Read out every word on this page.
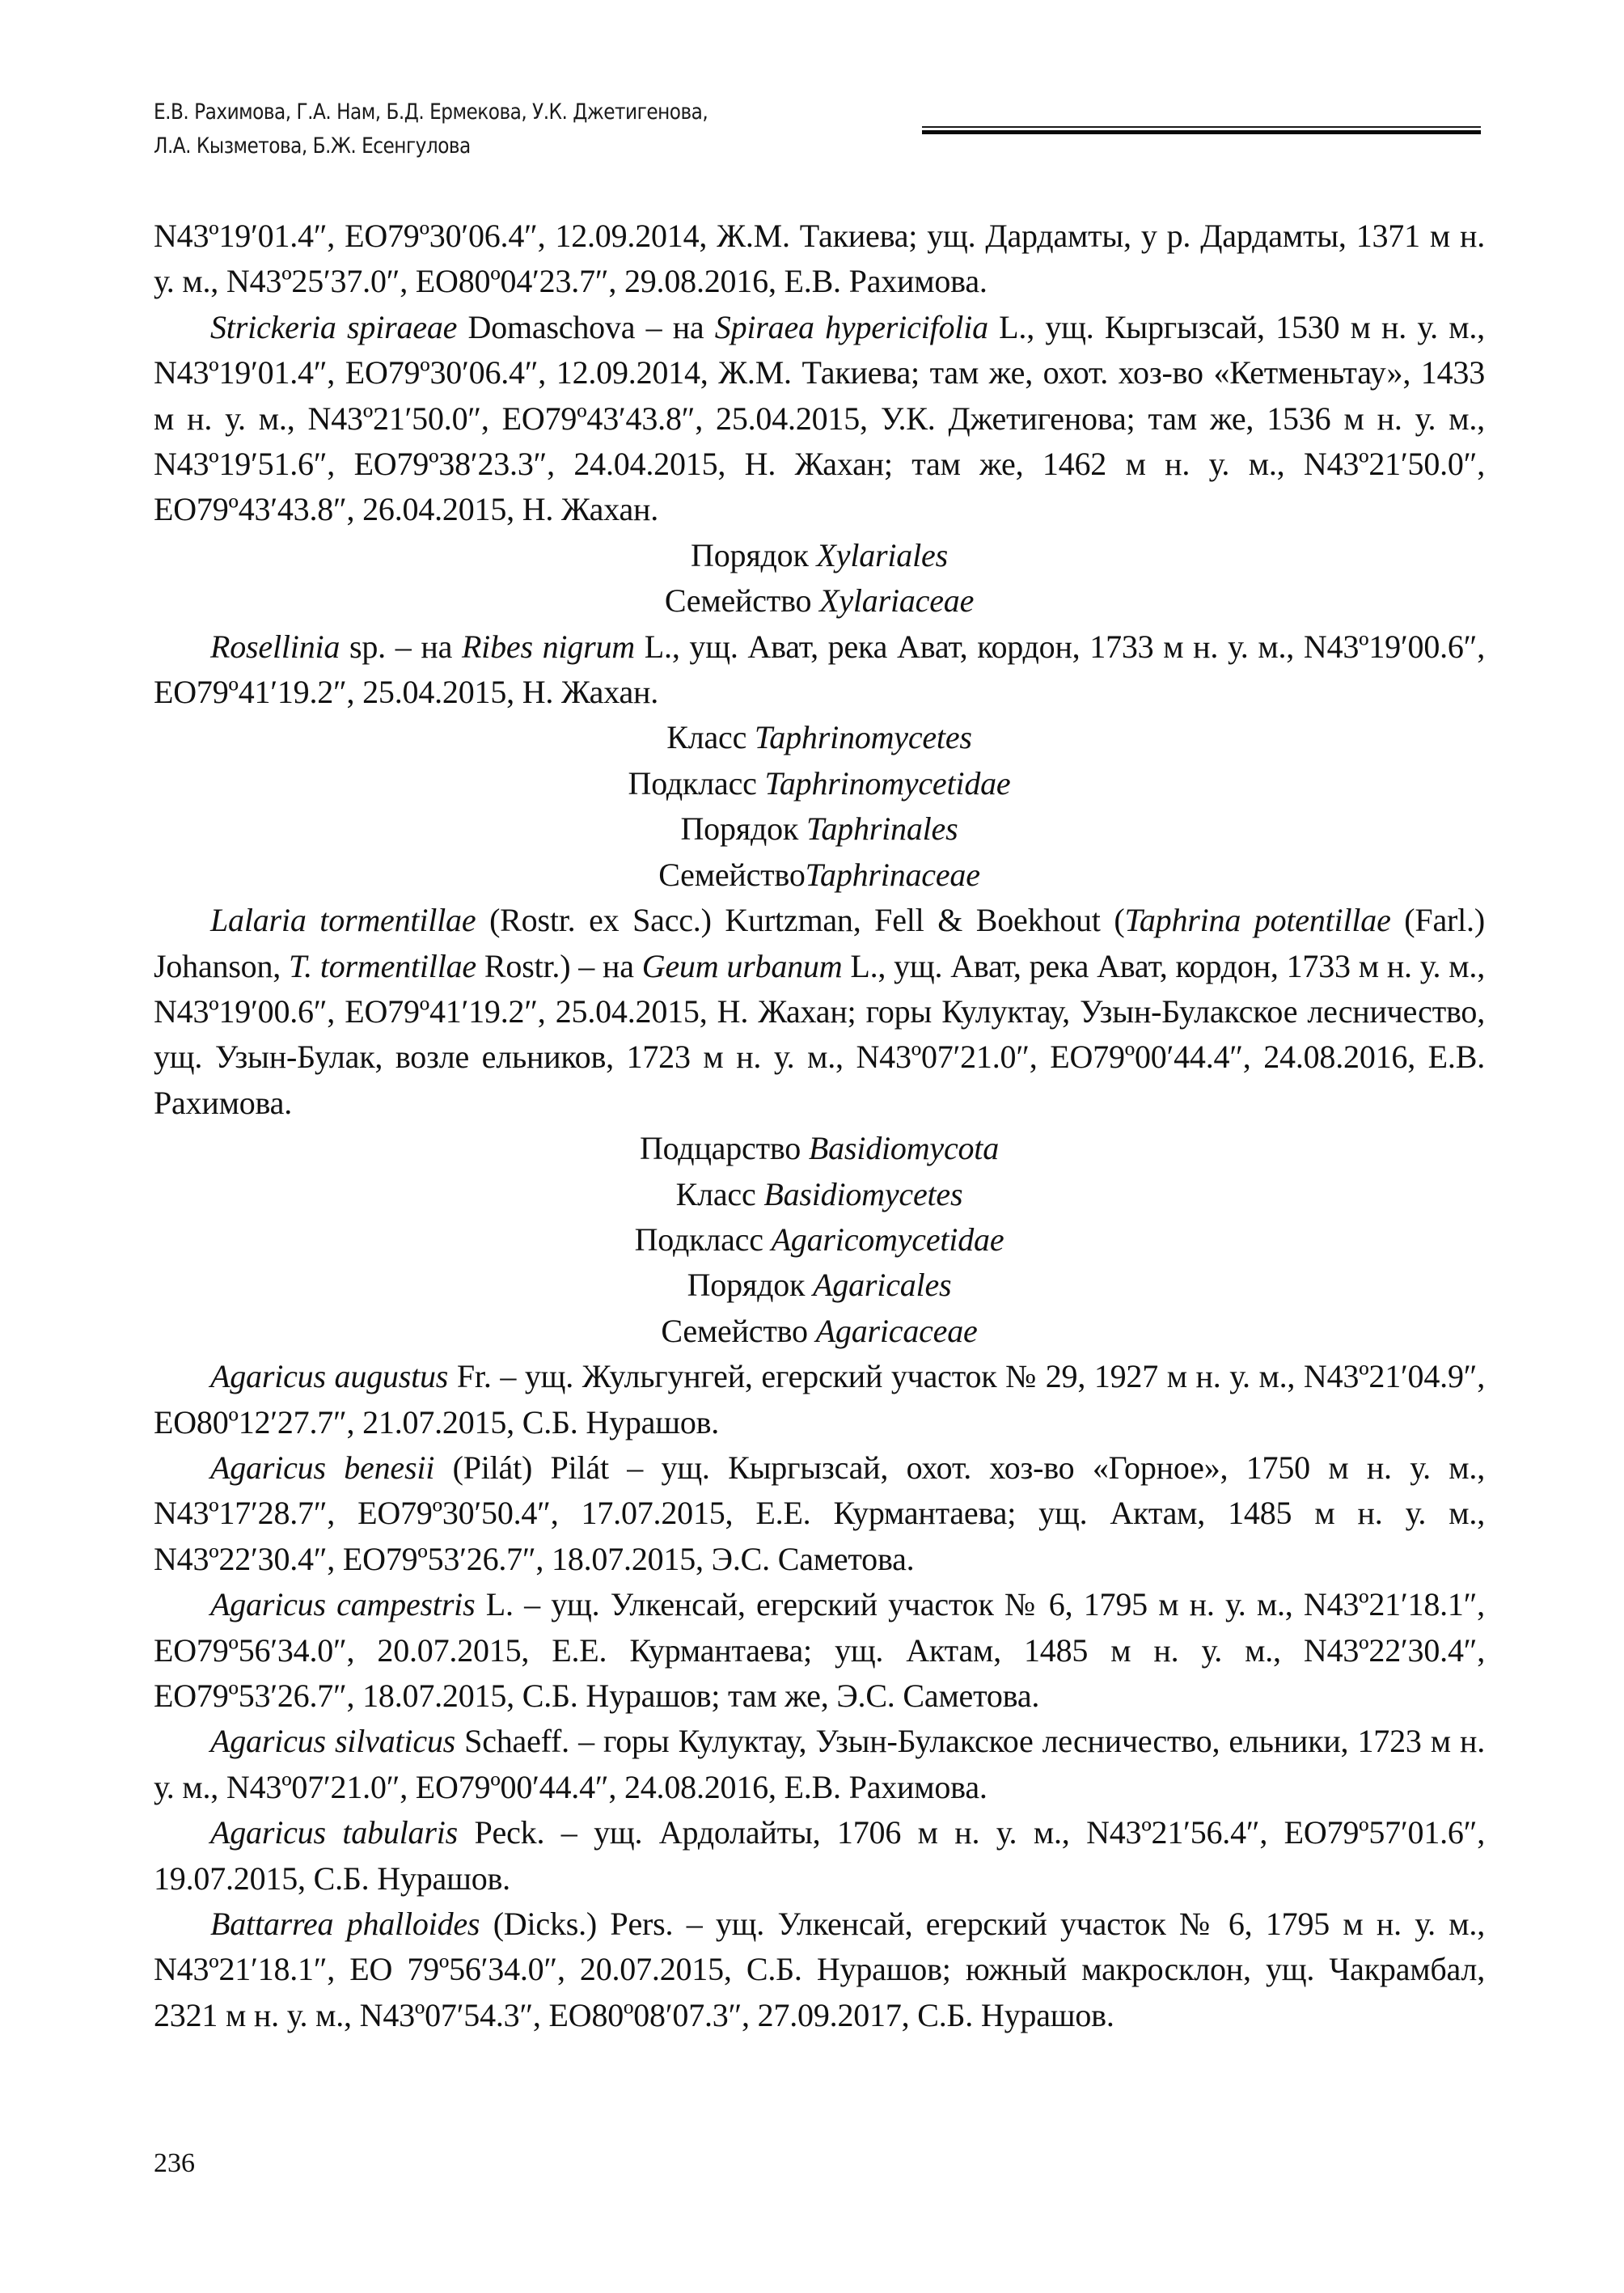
Е.В. Рахимова, Г.А. Нам, Б.Д. Ермекова, У.К. Джетигенова,
Л.А. Кызметова, Б.Ж. Есенгулова

N43º19′01.4″, ЕО79º30′06.4″, 12.09.2014, Ж.М. Такиева; ущ. Дардамты, у р. Дардамты, 1371 м н. у. м., N43º25′37.0″, ЕО80º04′23.7″, 29.08.2016, Е.В. Рахимова.

Strickeria spiraeae Domaschova – на Spiraea hypericifolia L., ущ. Кыргызсай, 1530 м н. у. м., N43º19′01.4″, ЕО79º30′06.4″, 12.09.2014, Ж.М. Такиева; там же, охот. хоз-во «Кетменьтау», 1433 м н. у. м., N43º21′50.0″, ЕО79º43′43.8″, 25.04.2015, У.К. Джетигенова; там же, 1536 м н. у. м., N43º19′51.6″, ЕО79º38′23.3″, 24.04.2015, Н. Жахан; там же, 1462 м н. у. м., N43º21′50.0″, ЕО79º43′43.8″, 26.04.2015, Н. Жахан.

Порядок Xylariales

Семейство Xylariaceae

Rosellinia sp. – на Ribes nigrum L., ущ. Ават, река Ават, кордон, 1733 м н. у. м., N43º19′00.6″, ЕО79º41′19.2″, 25.04.2015, Н. Жахан.

Класс Taphrinomycetes

Подкласс Taphrinomycetidae

Порядок Taphrinales

СемействоTaphrinaceae

Lalaria tormentillae (Rostr. ex Sacc.) Kurtzman, Fell & Boekhout (Taphrina potentillae (Farl.) Johanson, T. tormentillae Rostr.) – на Geum urbanum L., ущ. Ават, река Ават, кордон, 1733 м н. у. м., N43º19′00.6″, ЕО79º41′19.2″, 25.04.2015, Н. Жахан; горы Кулуктау, Узын-Булакское лесничество, ущ. Узын-Булак, возле ельников, 1723 м н. у. м., N43º07′21.0″, ЕО79º00′44.4″, 24.08.2016, Е.В. Рахимова.

Подцарство Basidiomycota

Класс Basidiomycetes

Подкласс Agaricomycetidae

Порядок Agaricales

Семейство Agaricaceae

Agaricus augustus Fr. – ущ. Жульгунгей, егерский участок № 29, 1927 м н. у. м., N43º21′04.9″, ЕО80º12′27.7″, 21.07.2015, С.Б. Нурашов.

Agaricus benesii (Pilát) Pilát – ущ. Кыргызсай, охот. хоз-во «Горное», 1750 м н. у. м., N43º17′28.7″, ЕО79º30′50.4″, 17.07.2015, Е.Е. Курмантаева; ущ. Актам, 1485 м н. у. м., N43º22′30.4″, ЕО79º53′26.7″, 18.07.2015, Э.С. Саметова.

Agaricus campestris L. – ущ. Улкенсай, егерский участок № 6, 1795 м н. у. м., N43º21′18.1″, ЕО79º56′34.0″, 20.07.2015, Е.Е. Курмантаева; ущ. Актам, 1485 м н. у. м., N43º22′30.4″, ЕО79º53′26.7″, 18.07.2015, С.Б. Нурашов; там же, Э.С. Саметова.

Agaricus silvaticus Schaeff. – горы Кулуктау, Узын-Булакское лесничество, ельники, 1723 м н. у. м., N43º07′21.0″, ЕО79º00′44.4″, 24.08.2016, Е.В. Рахимова.

Agaricus tabularis Peck. – ущ. Ардолайты, 1706 м н. у. м., N43º21′56.4″, ЕО79º57′01.6″, 19.07.2015, С.Б. Нурашов.

Battarrea phalloides (Dicks.) Pers. – ущ. Улкенсай, егерский участок № 6, 1795 м н. у. м., N43º21′18.1″, ЕО 79º56′34.0″, 20.07.2015, С.Б. Нурашов; южный макросклон, ущ. Чакрамбал, 2321 м н. у. м., N43º07′54.3″, ЕО80º08′07.3″, 27.09.2017, С.Б. Нурашов.

236
